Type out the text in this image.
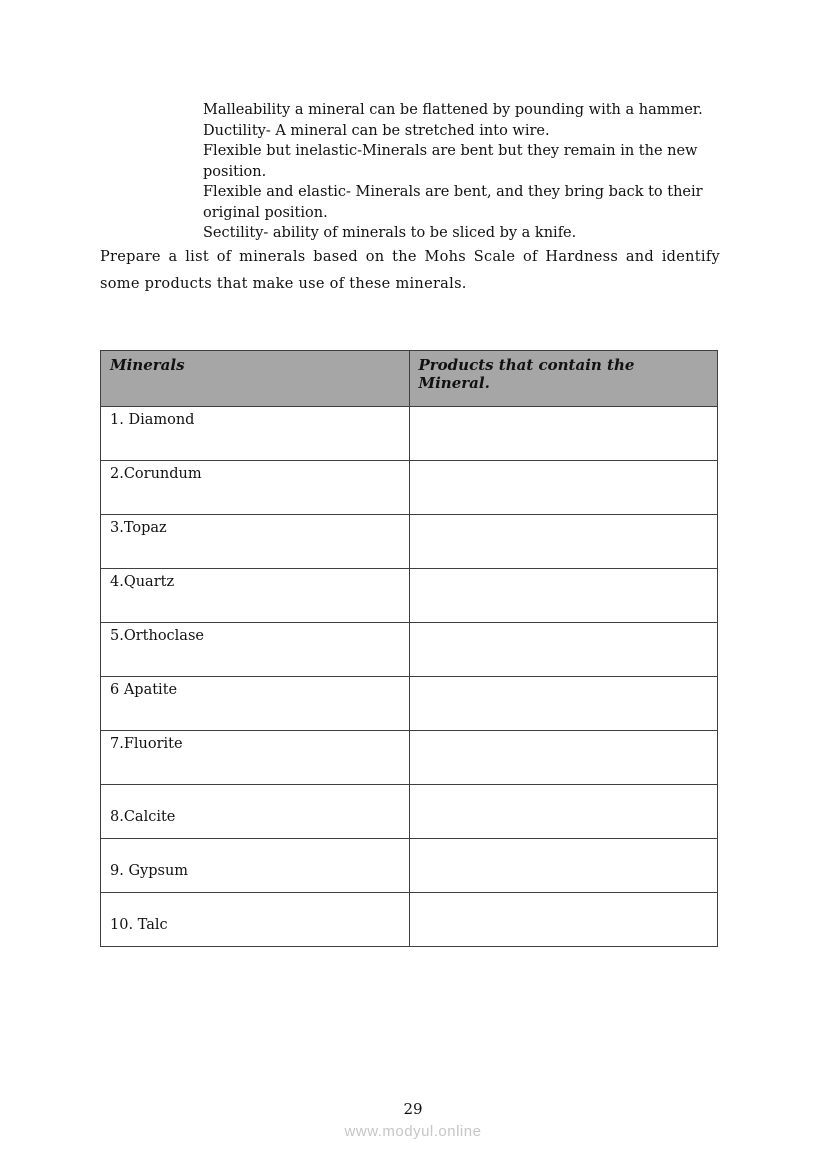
Malleability a mineral can be flattened by pounding with a hammer.

Ductility- A mineral can be stretched into wire.

Flexible but inelastic-Minerals are bent but they remain in the new position.

Flexible and elastic- Minerals are bent, and they bring back to their original position.

Sectility- ability of minerals to be sliced by a knife.

Prepare a list of minerals based on the Mohs Scale of Hardness and identify some products that make use of these minerals.

Minerals	Products that contain the Mineral.
1. Diamond	
2.Corundum	
3.Topaz	
4.Quartz	
5.Orthoclase	
6 Apatite	
7.Fluorite	
8.Calcite	
9. Gypsum	
10. Talc	
29
www.modyul.online
